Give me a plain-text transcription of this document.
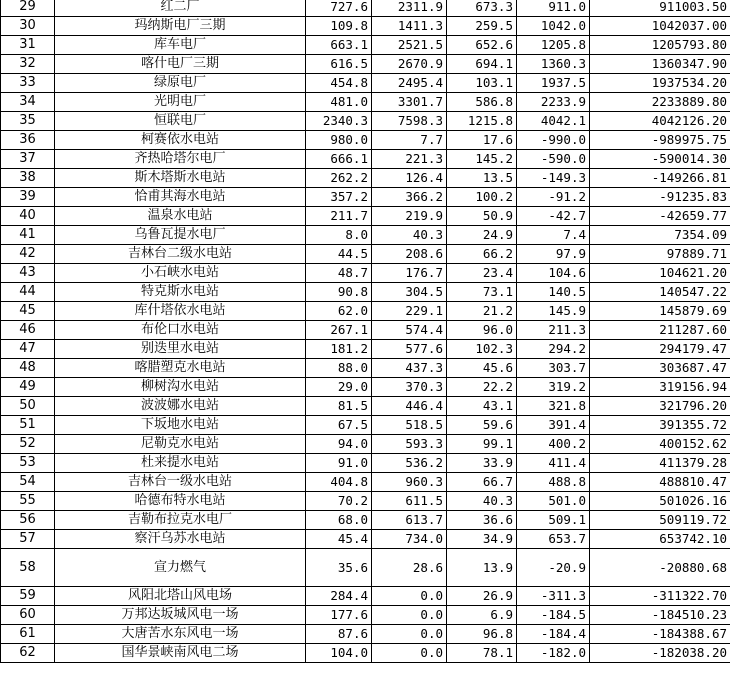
29	红二厂	727.6	2311.9	673.3	911.0	911003.50
30	玛纳斯电厂三期	109.8	1411.3	259.5	1042.0	1042037.00
31	库车电厂	663.1	2521.5	652.6	1205.8	1205793.80
32	喀什电厂三期	616.5	2670.9	694.1	1360.3	1360347.90
33	绿原电厂	454.8	2495.4	103.1	1937.5	1937534.20
34	光明电厂	481.0	3301.7	586.8	2233.9	2233889.80
35	恒联电厂	2340.3	7598.3	1215.8	4042.1	4042126.20
36	柯赛依水电站	980.0	7.7	17.6	-990.0	-989975.75
37	齐热哈塔尔电厂	666.1	221.3	145.2	-590.0	-590014.30
38	斯木塔斯水电站	262.2	126.4	13.5	-149.3	-149266.81
39	恰甫其海水电站	357.2	366.2	100.2	-91.2	-91235.83
40	温泉水电站	211.7	219.9	50.9	-42.7	-42659.77
41	乌鲁瓦提水电厂	8.0	40.3	24.9	7.4	7354.09
42	吉林台二级水电站	44.5	208.6	66.2	97.9	97889.71
43	小石峡水电站	48.7	176.7	23.4	104.6	104621.20
44	特克斯水电站	90.8	304.5	73.1	140.5	140547.22
45	库什塔依水电站	62.0	229.1	21.2	145.9	145879.69
46	布伦口水电站	267.1	574.4	96.0	211.3	211287.60
47	别迭里水电站	181.2	577.6	102.3	294.2	294179.47
48	喀腊塑克水电站	88.0	437.3	45.6	303.7	303687.47
49	柳树沟水电站	29.0	370.3	22.2	319.2	319156.94
50	波波娜水电站	81.5	446.4	43.1	321.8	321796.20
51	下坂地水电站	67.5	518.5	59.6	391.4	391355.72
52	尼勒克水电站	94.0	593.3	99.1	400.2	400152.62
53	杜来提水电站	91.0	536.2	33.9	411.4	411379.28
54	吉林台一级水电站	404.8	960.3	66.7	488.8	488810.47
55	哈德布特水电站	70.2	611.5	40.3	501.0	501026.16
56	吉勒布拉克水电厂	68.0	613.7	36.6	509.1	509119.72
57	察汗乌苏水电站	45.4	734.0	34.9	653.7	653742.10
58	宣力燃气	35.6	28.6	13.9	-20.9	-20880.68
59	风阳北塔山风电场	284.4	0.0	26.9	-311.3	-311322.70
60	万邦达坂城风电一场	177.6	0.0	6.9	-184.5	-184510.23
61	大唐苦水东风电一场	87.6	0.0	96.8	-184.4	-184388.67
62	国华景峡南风电二场	104.0	0.0	78.1	-182.0	-182038.20
